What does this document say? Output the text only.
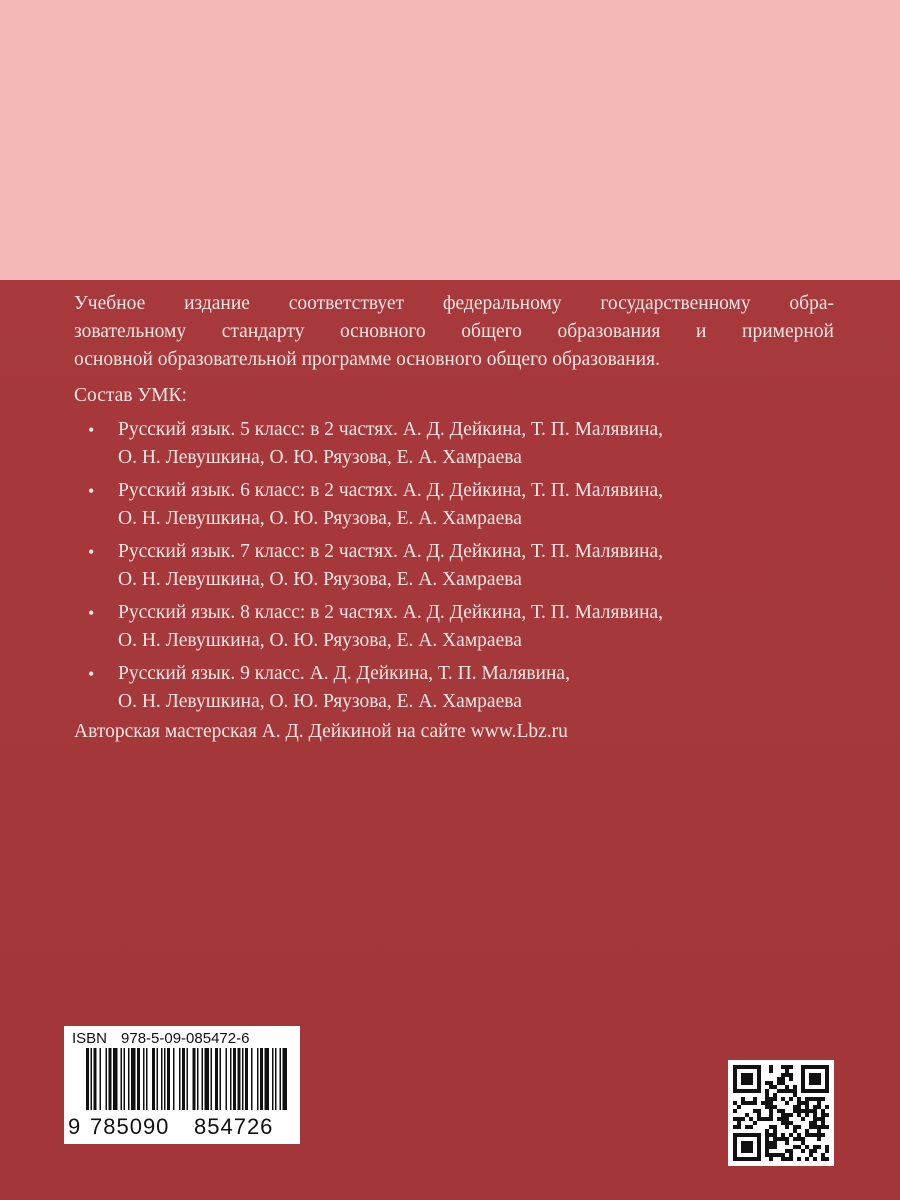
Учебное издание соответствует федеральному государственному обра-
зовательному стандарту основного общего образования и примерной
основной образовательной программе основного общего образования.
Состав УМК:
• Русский язык. 5 класс: в 2 частях. А. Д. Дейкина, Т. П. Малявина,
О. Н. Левушкина, О. Ю. Ряузова, Е. А. Хамраева
• Русский язык. 6 класс: в 2 частях. А. Д. Дейкина, Т. П. Малявина,
О. Н. Левушкина, О. Ю. Ряузова, Е. А. Хамраева
• Русский язык. 7 класс: в 2 частях. А. Д. Дейкина, Т. П. Малявина,
О. Н. Левушкина, О. Ю. Ряузова, Е. А. Хамраева
• Русский язык. 8 класс: в 2 частях. А. Д. Дейкина, Т. П. Малявина,
О. Н. Левушкина, О. Ю. Ряузова, Е. А. Хамраева
• Русский язык. 9 класс. А. Д. Дейкина, Т. П. Малявина,
О. Н. Левушкина, О. Ю. Ряузова, Е. А. Хамраева
Авторская мастерская А. Д. Дейкиной на сайте www.Lbz.ru
ISBN 978-5-09-085472-6
9 785090 854726
